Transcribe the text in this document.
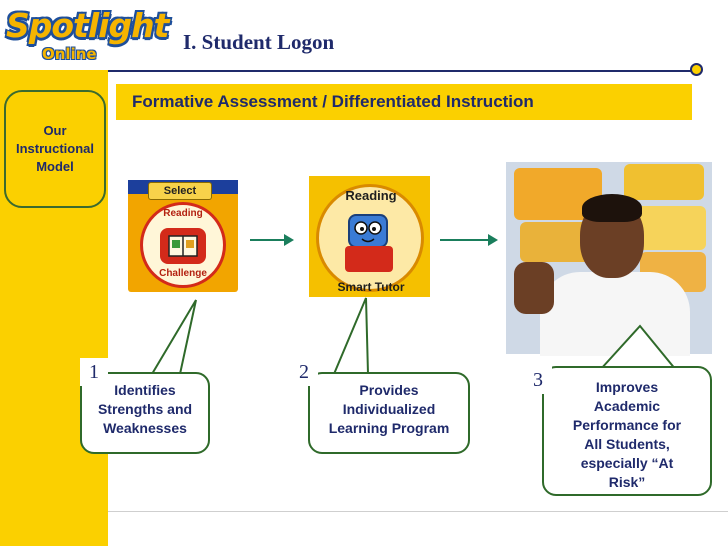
Spotlight
Online	I. Student Logon
Formative Assessment / Differentiated Instruction
Our
Instructional
Model
Select
Reading
Challenge
Reading
Smart Tutor
Identifies
Strengths and
Weaknesses
1
Provides
Individualized
Learning Program
2
Improves
Academic
Performance for
All Students,
especially “At
Risk”
3
